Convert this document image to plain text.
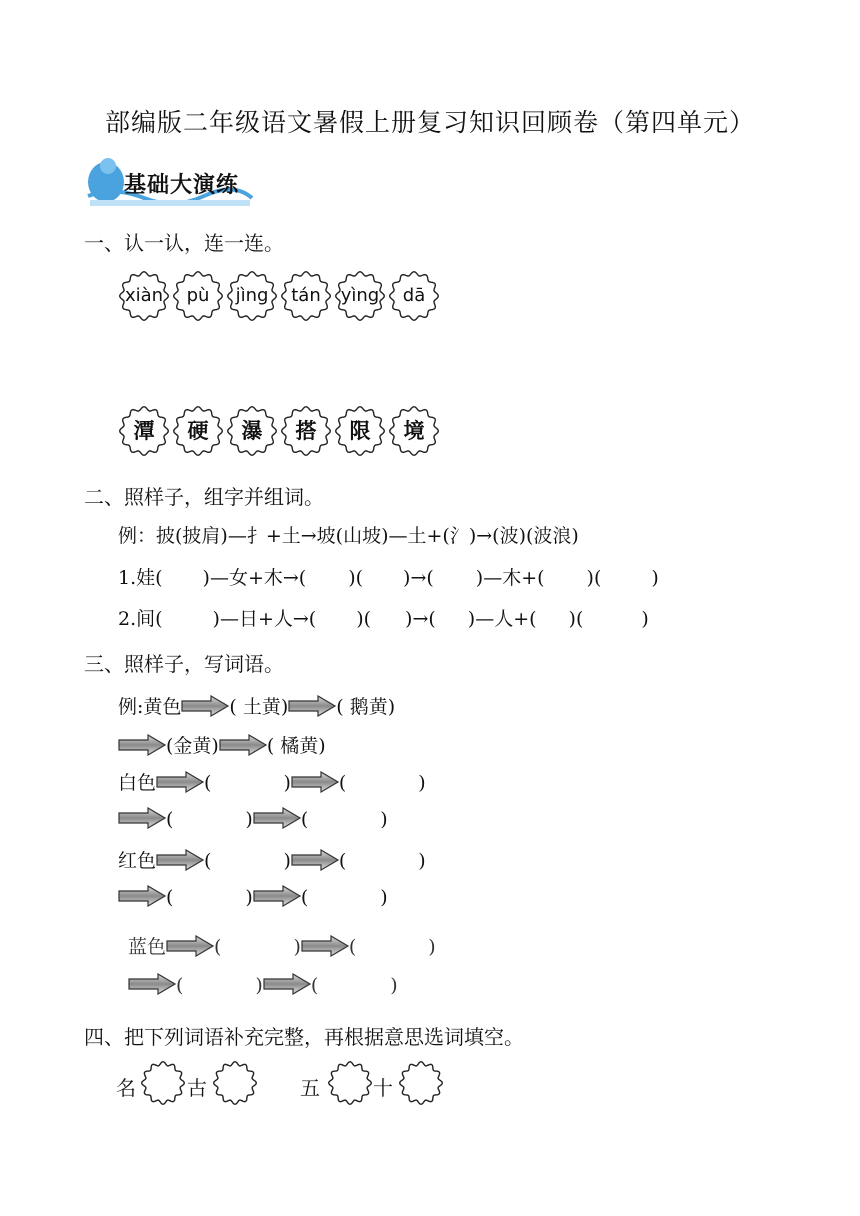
部编版二年级语文暑假上册复习知识回顾卷（第四单元）
基础大演练
一、认一认，连一连。
xiàn	pù	jìng	tán	yìng	dā
潭	硬	瀑	搭	限	境
二、照样子，组字并组词。
例：披(披肩)—扌+土→坡(山坡)—土+(氵)→(波)(波浪)
1.娃( )—女+木→( )( )→( )—木+( )(	)
2.间(	)—日+人→( )( )→( )—人+( )(	)
三、照样子，写词语。
例:黄色	( 土黄)	( 鹅黄)
(金黄)	( 橘黄)
白色	(	)	(	)
(	)	(	)
红色	(	)	(	)
(	)	(	)
蓝色	(	)	(	)
(	)	(	)
四、把下列词语补充完整，再根据意思选词填空。
名	古	五	十
